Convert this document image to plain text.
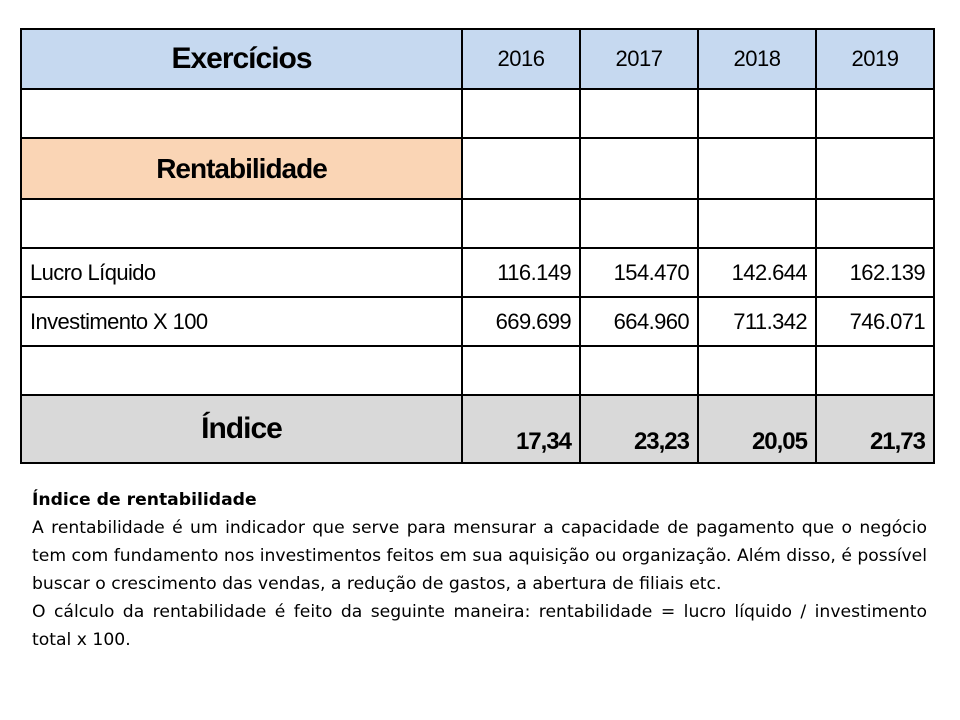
Exercícios	2016	2017	2018	2019

Rentabilidade				

Lucro Líquido	116.149	154.470	142.644	162.139
Investimento X 100	669.699	664.960	711.342	746.071

Índice	17,34	23,23	20,05	21,73

Índice de rentabilidade

A rentabilidade é um indicador que serve para mensurar a capacidade de pagamento que o negócio tem com fundamento nos investimentos feitos em sua aquisição ou organização. Além disso, é possível buscar o crescimento das vendas, a redução de gastos, a abertura de filiais etc.

O cálculo da rentabilidade é feito da seguinte maneira: rentabilidade = lucro líquido / investimento total x 100.
